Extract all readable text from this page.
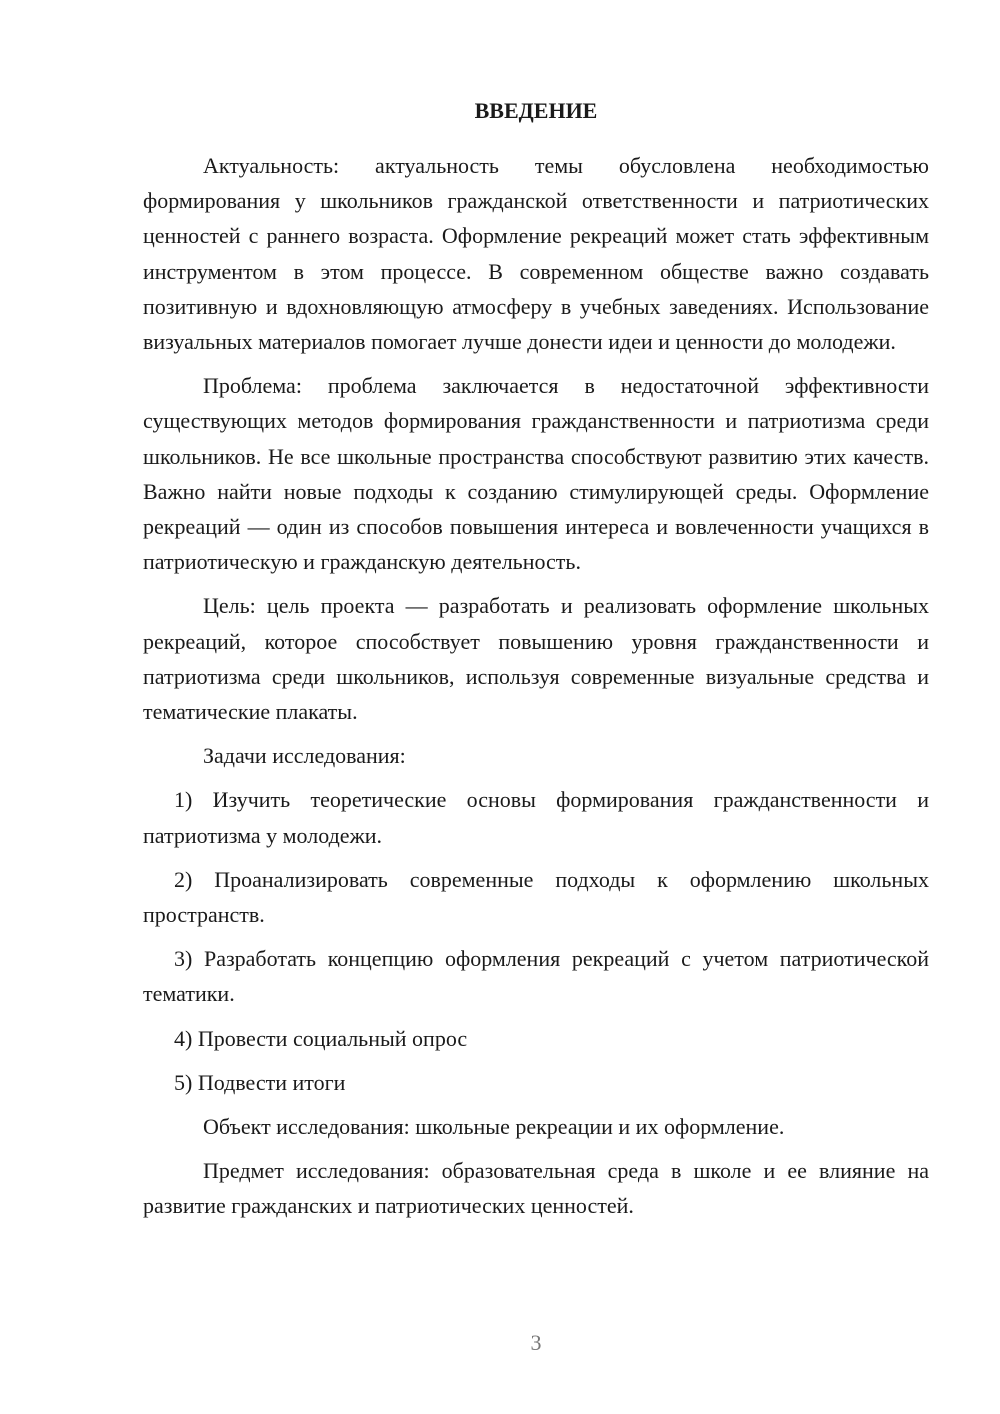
ВВЕДЕНИЕ

Актуальность: актуальность темы обусловлена необходимостью формирования у школьников гражданской ответственности и патриотических ценностей с раннего возраста. Оформление рекреаций может стать эффективным инструментом в этом процессе. В современном обществе важно создавать позитивную и вдохновляющую атмосферу в учебных заведениях. Использование визуальных материалов помогает лучше донести идеи и ценности до молодежи.

Проблема: проблема заключается в недостаточной эффективности существующих методов формирования гражданственности и патриотизма среди школьников. Не все школьные пространства способствуют развитию этих качеств. Важно найти новые подходы к созданию стимулирующей среды. Оформление рекреаций — один из способов повышения интереса и вовлеченности учащихся в патриотическую и гражданскую деятельность.

Цель: цель проекта — разработать и реализовать оформление школьных рекреаций, которое способствует повышению уровня гражданственности и патриотизма среди школьников, используя современные визуальные средства и тематические плакаты.

Задачи исследования:

1) Изучить теоретические основы формирования гражданственности и патриотизма у молодежи.

2) Проанализировать современные подходы к оформлению школьных пространств.

3) Разработать концепцию оформления рекреаций с учетом патриотической тематики.

4) Провести социальный опрос

5) Подвести итоги

Объект исследования: школьные рекреации и их оформление.

Предмет исследования: образовательная среда в школе и ее влияние на развитие гражданских и патриотических ценностей.

3
